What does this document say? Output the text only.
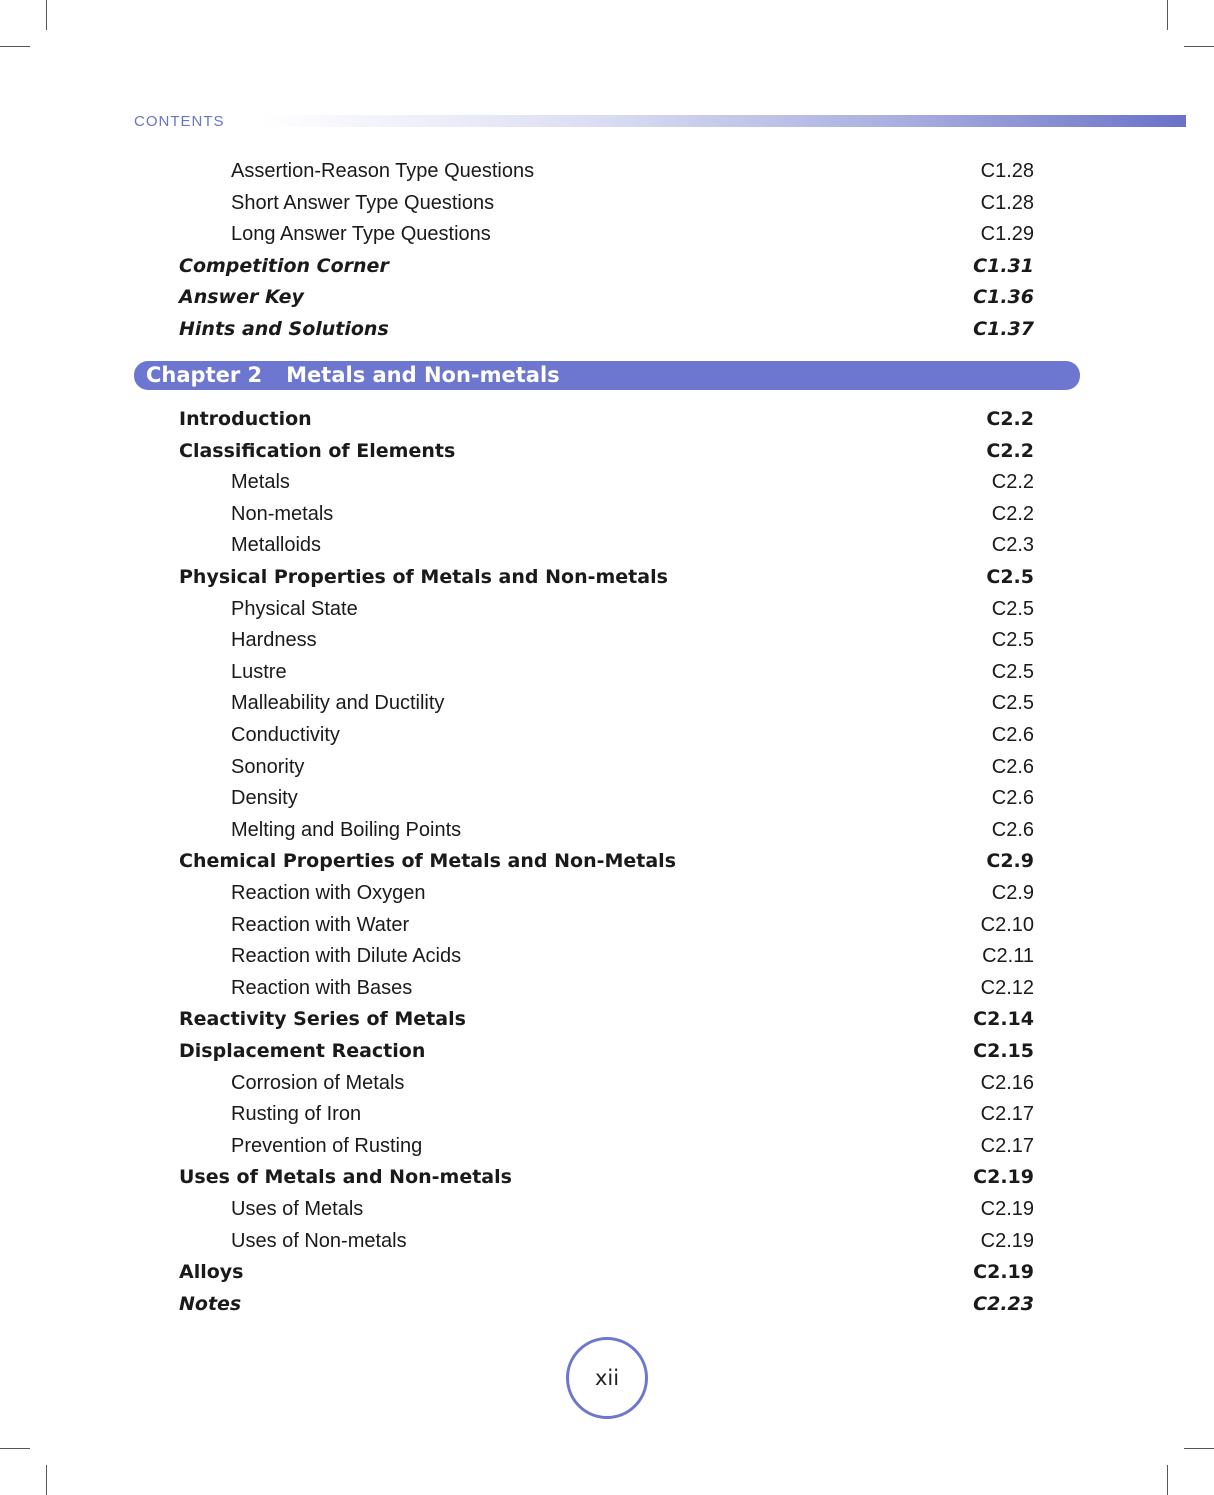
CONTENTS
Assertion-Reason Type Questions	C1.28
Short Answer Type Questions	C1.28
Long Answer Type Questions	C1.29
Competition Corner	C1.31
Answer Key	C1.36
Hints and Solutions	C1.37
Chapter 2 Metals and Non-metals
Introduction	C2.2
Classification of Elements	C2.2
Metals	C2.2
Non-metals	C2.2
Metalloids	C2.3
Physical Properties of Metals and Non-metals	C2.5
Physical State	C2.5
Hardness	C2.5
Lustre	C2.5
Malleability and Ductility	C2.5
Conductivity	C2.6
Sonority	C2.6
Density	C2.6
Melting and Boiling Points	C2.6
Chemical Properties of Metals and Non-Metals	C2.9
Reaction with Oxygen	C2.9
Reaction with Water	C2.10
Reaction with Dilute Acids	C2.11
Reaction with Bases	C2.12
Reactivity Series of Metals	C2.14
Displacement Reaction	C2.15
Corrosion of Metals	C2.16
Rusting of Iron	C2.17
Prevention of Rusting	C2.17
Uses of Metals and Non-metals	C2.19
Uses of Metals	C2.19
Uses of Non-metals	C2.19
Alloys	C2.19
Notes	C2.23
xii
